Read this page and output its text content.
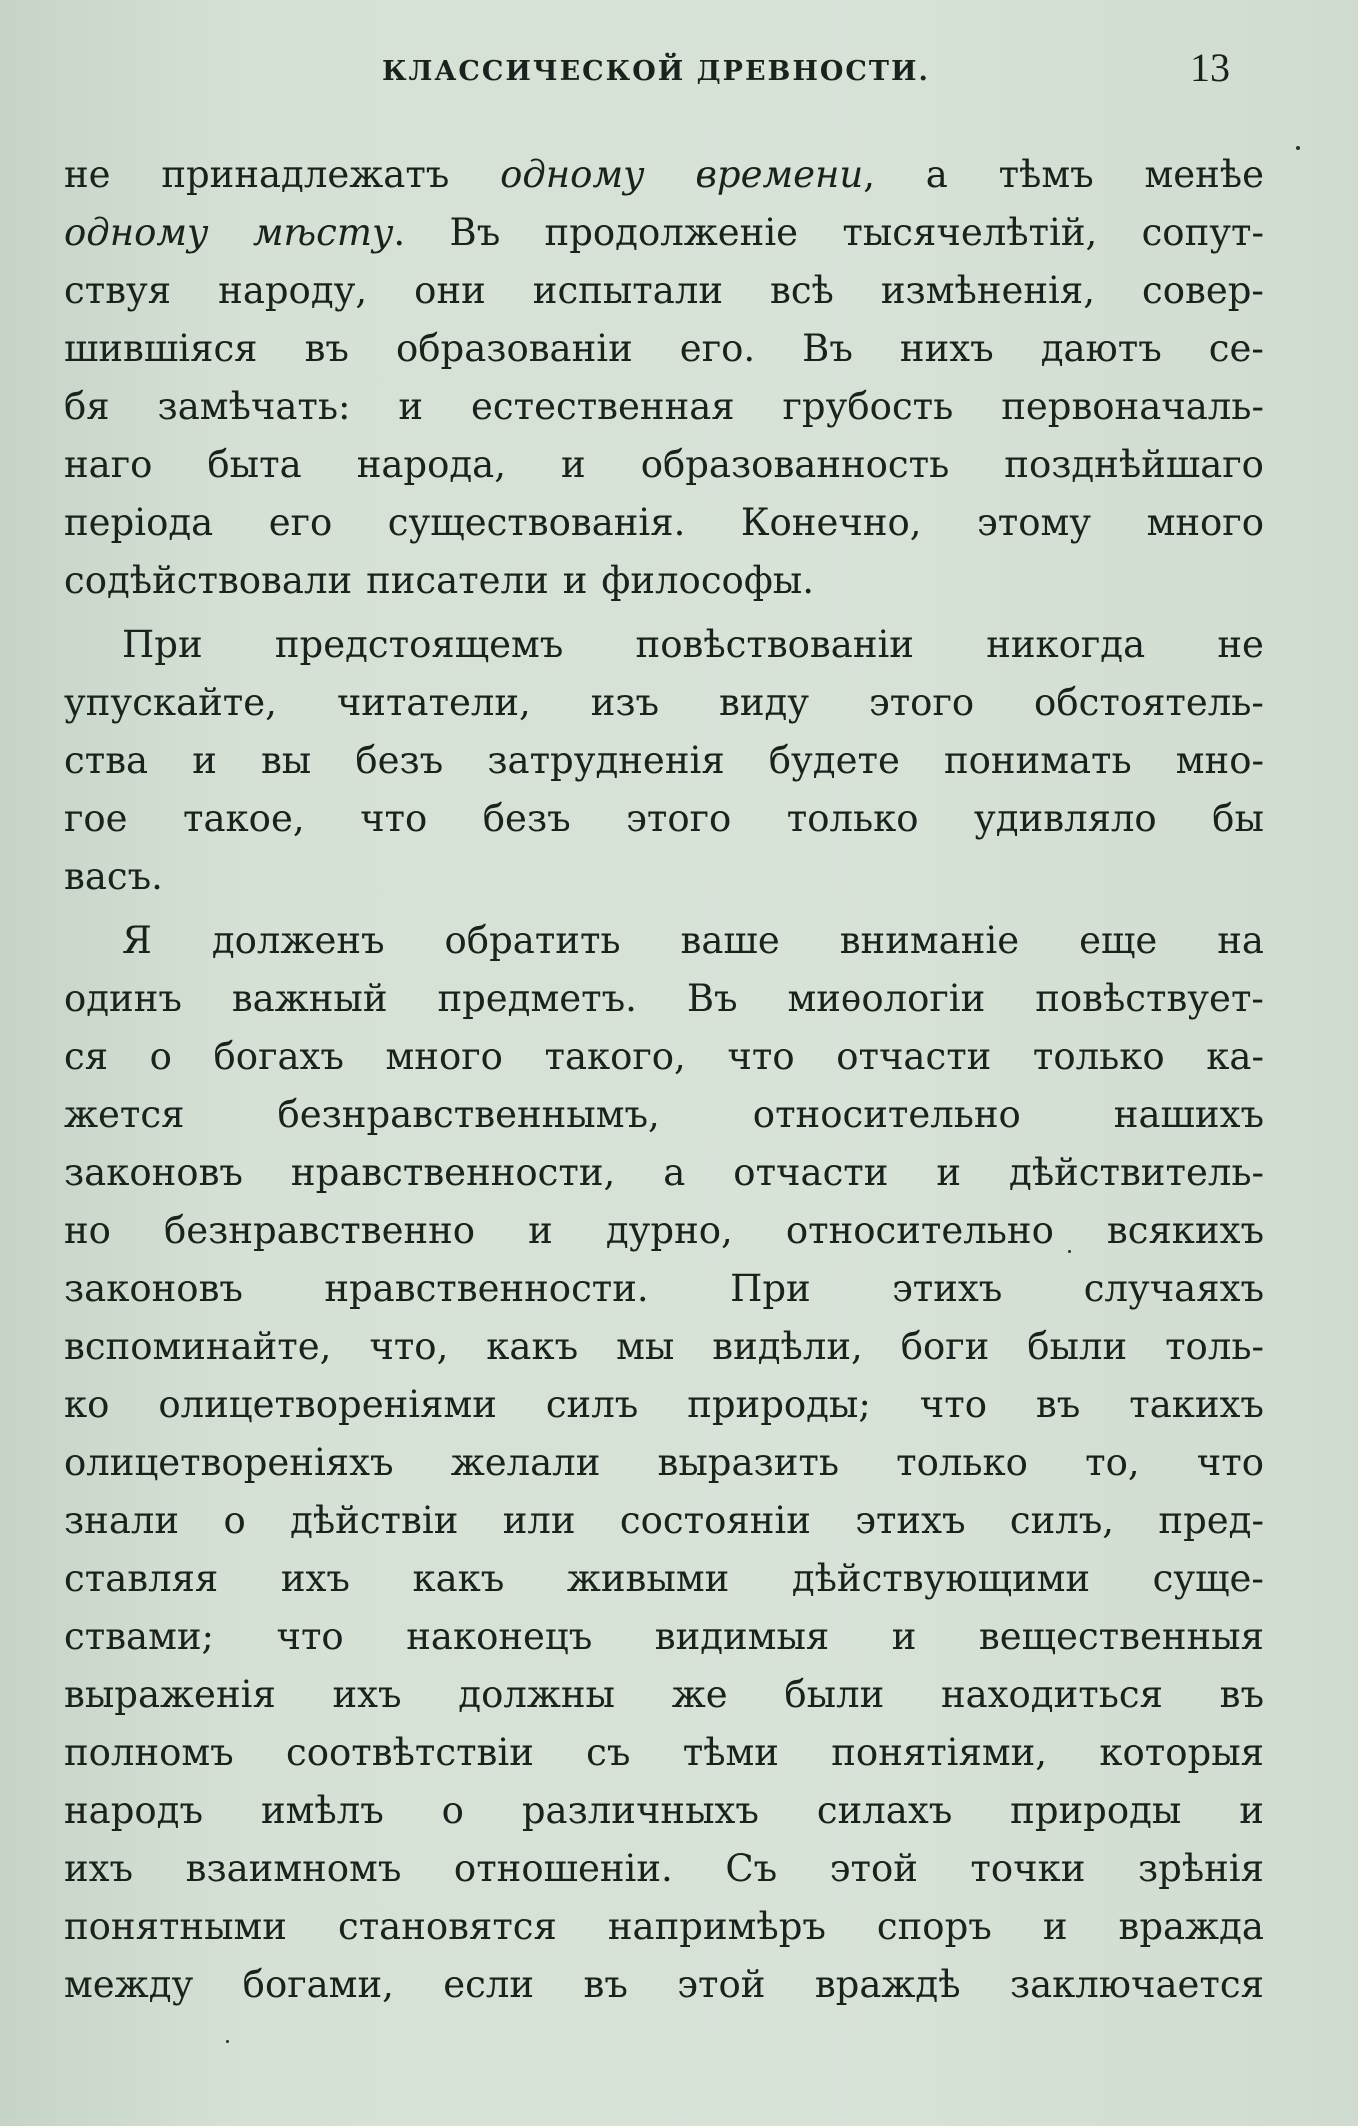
КЛАССИЧЕСКОЙ ДРЕВНОСТИ.	13
не принадлежатъ одному времени, а тѣмъ менѣе
одному мѣсту. Въ продолженіе тысячелѣтій, сопут-
ствуя народу, они испытали всѣ измѣненія, совер-
шившіяся въ образованіи его. Въ нихъ даютъ се-
бя замѣчать: и естественная грубость первоначаль-
наго быта народа, и образованность позднѣйшаго
періода его существованія. Конечно, этому много
содѣйствовали писатели и философы.
При предстоящемъ повѣствованіи никогда не
упускайте, читатели, изъ виду этого обстоятель-
ства и вы безъ затрудненія будете понимать мно-
гое такое, что безъ этого только удивляло бы
васъ.
Я долженъ обратить ваше вниманіе еще на
одинъ важный предметъ. Въ миѳологіи повѣствует-
ся о богахъ много такого, что отчасти только ка-
жется	безнравственнымъ,	относительно	нашихъ
законовъ нравственности, а отчасти и дѣйствитель-
но безнравственно и дурно, относительно всякихъ
законовъ нравственности. При этихъ случаяхъ
вспоминайте, что, какъ мы видѣли, боги были толь-
ко олицетвореніями силъ природы; что въ такихъ
олицетвореніяхъ желали выразить только то, что
знали о дѣйствіи или состояніи этихъ силъ, пред-
ставляя ихъ какъ живыми дѣйствующими суще-
ствами; что наконецъ видимыя и вещественныя
выраженія ихъ должны же были находиться въ
полномъ соотвѣтствіи съ тѣми понятіями, которыя
народъ имѣлъ о различныхъ силахъ природы и
ихъ взаимномъ отношеніи. Съ этой точки зрѣнія
понятными становятся напримѣръ споръ и вражда
между богами, если въ этой враждѣ заключается
